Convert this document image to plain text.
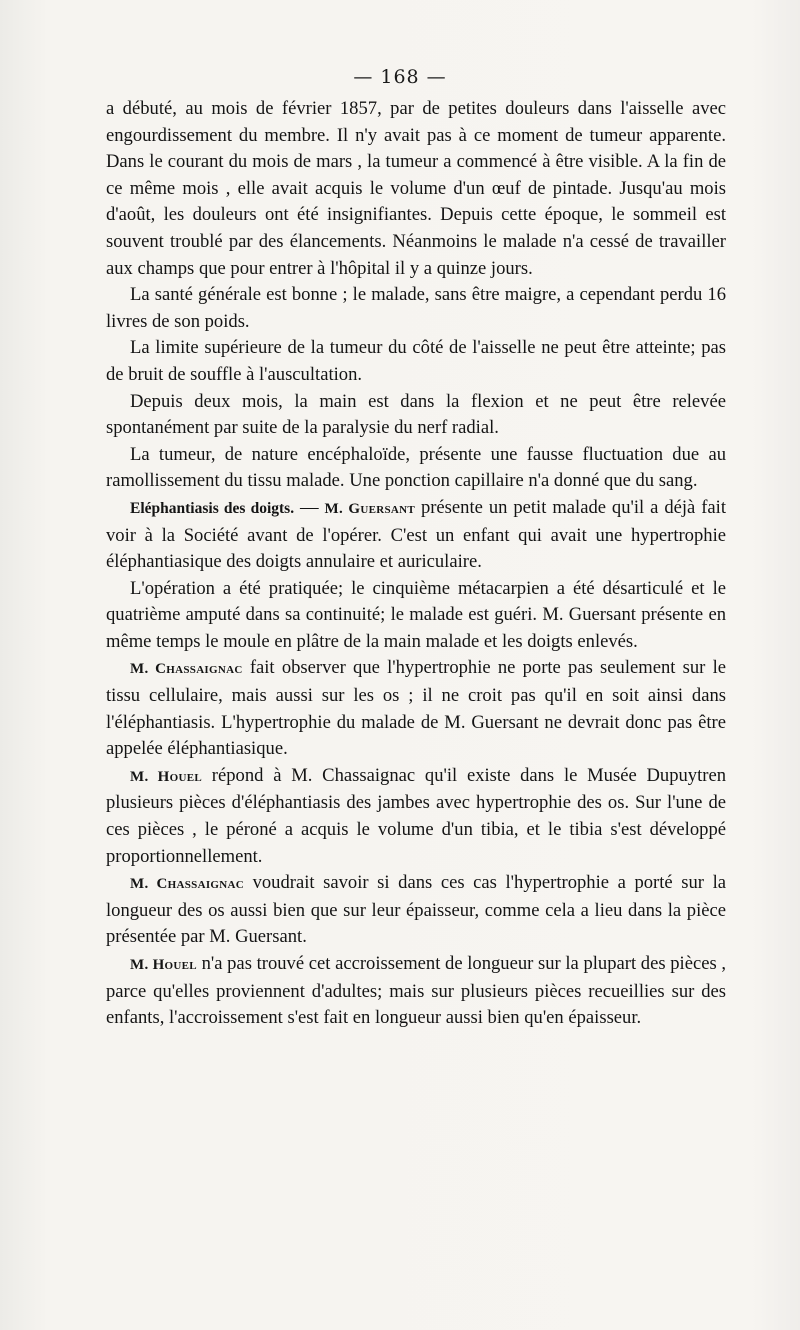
— 168 —

a débuté, au mois de février 1857, par de petites douleurs dans l'aisselle avec engourdissement du membre. Il n'y avait pas à ce moment de tumeur apparente. Dans le courant du mois de mars , la tumeur a commencé à être visible. A la fin de ce même mois , elle avait acquis le volume d'un œuf de pintade. Jusqu'au mois d'août, les douleurs ont été insignifiantes. Depuis cette époque, le sommeil est souvent troublé par des élancements. Néanmoins le malade n'a cessé de travailler aux champs que pour entrer à l'hôpital il y a quinze jours.

La santé générale est bonne ; le malade, sans être maigre, a cependant perdu 16 livres de son poids.

La limite supérieure de la tumeur du côté de l'aisselle ne peut être atteinte; pas de bruit de souffle à l'auscultation.

Depuis deux mois, la main est dans la flexion et ne peut être relevée spontanément par suite de la paralysie du nerf radial.

La tumeur, de nature encéphaloïde, présente une fausse fluctuation due au ramollissement du tissu malade. Une ponction capillaire n'a donné que du sang.

Eléphantiasis des doigts. — M. Guersant présente un petit malade qu'il a déjà fait voir à la Société avant de l'opérer. C'est un enfant qui avait une hypertrophie éléphantiasique des doigts annulaire et auriculaire.

L'opération a été pratiquée; le cinquième métacarpien a été désarticulé et le quatrième amputé dans sa continuité; le malade est guéri. M. Guersant présente en même temps le moule en plâtre de la main malade et les doigts enlevés.

M. Chassaignac fait observer que l'hypertrophie ne porte pas seulement sur le tissu cellulaire, mais aussi sur les os ; il ne croit pas qu'il en soit ainsi dans l'éléphantiasis. L'hypertrophie du malade de M. Guersant ne devrait donc pas être appelée éléphantiasique.

M. Houel répond à M. Chassaignac qu'il existe dans le Musée Dupuytren plusieurs pièces d'éléphantiasis des jambes avec hypertrophie des os. Sur l'une de ces pièces , le péroné a acquis le volume d'un tibia, et le tibia s'est développé proportionnellement.

M. Chassaignac voudrait savoir si dans ces cas l'hypertrophie a porté sur la longueur des os aussi bien que sur leur épaisseur, comme cela a lieu dans la pièce présentée par M. Guersant.

M. Houel n'a pas trouvé cet accroissement de longueur sur la plupart des pièces , parce qu'elles proviennent d'adultes; mais sur plusieurs pièces recueillies sur des enfants, l'accroissement s'est fait en longueur aussi bien qu'en épaisseur.
